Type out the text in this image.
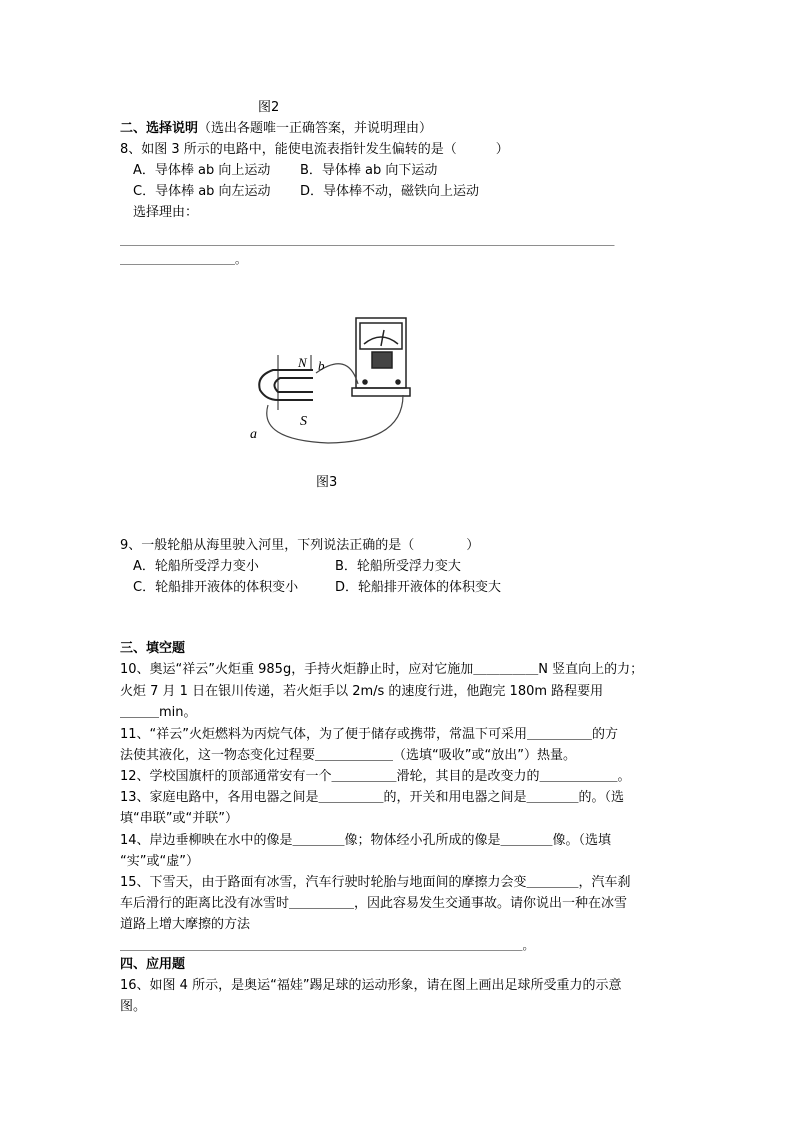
图2
二、选择说明（选出各题唯一正确答案，并说明理由）
8、如图 3 所示的电路中，能使电流表指针发生偏转的是（　　　）
A．导体棒 ab 向上运动 B．导体棒 ab 向下运动
C．导体棒 ab 向左运动 D．导体棒不动，磁铁向上运动
选择理由：
＿＿＿＿＿＿＿＿＿＿＿＿＿＿＿＿＿＿＿＿＿＿＿＿＿＿＿＿＿＿＿＿＿＿＿＿＿＿＿＿＿＿＿
＿＿＿＿＿＿＿＿＿＿。
N b
S
a
图3
9、一般轮船从海里驶入河里，下列说法正确的是（　　　　）
A．轮船所受浮力变小	B．轮船所受浮力变大
C．轮船排开液体的体积变小	D．轮船排开液体的体积变大
三、填空题
10、奥运“祥云”火炬重 985g，手持火炬静止时，应对它施加＿＿＿＿＿N 竖直向上的力；
火炬 7 月 1 日在银川传递，若火炬手以 2m/s 的速度行进，他跑完 180m 路程要用
＿＿＿min。
11、“祥云”火炬燃料为丙烷气体，为了便于储存或携带，常温下可采用＿＿＿＿＿的方
法使其液化，这一物态变化过程要＿＿＿＿＿＿（选填“吸收”或“放出”）热量。
12、学校国旗杆的顶部通常安有一个＿＿＿＿＿滑轮，其目的是改变力的＿＿＿＿＿＿。
13、家庭电路中，各用电器之间是＿＿＿＿＿的，开关和用电器之间是＿＿＿＿的。（选
填“串联”或“并联”）
14、岸边垂柳映在水中的像是＿＿＿＿像；物体经小孔所成的像是＿＿＿＿像。（选填
“实”或“虚”）
15、下雪天，由于路面有冰雪，汽车行驶时轮胎与地面间的摩擦力会变＿＿＿＿，汽车刹
车后滑行的距离比没有冰雪时＿＿＿＿＿，因此容易发生交通事故。请你说出一种在冰雪
道路上增大摩擦的方法
＿＿＿＿＿＿＿＿＿＿＿＿＿＿＿＿＿＿＿＿＿＿＿＿＿＿＿＿＿＿＿＿＿＿＿。
四、应用题
16、如图 4 所示，是奥运“福娃”踢足球的运动形象，请在图上画出足球所受重力的示意
图。
